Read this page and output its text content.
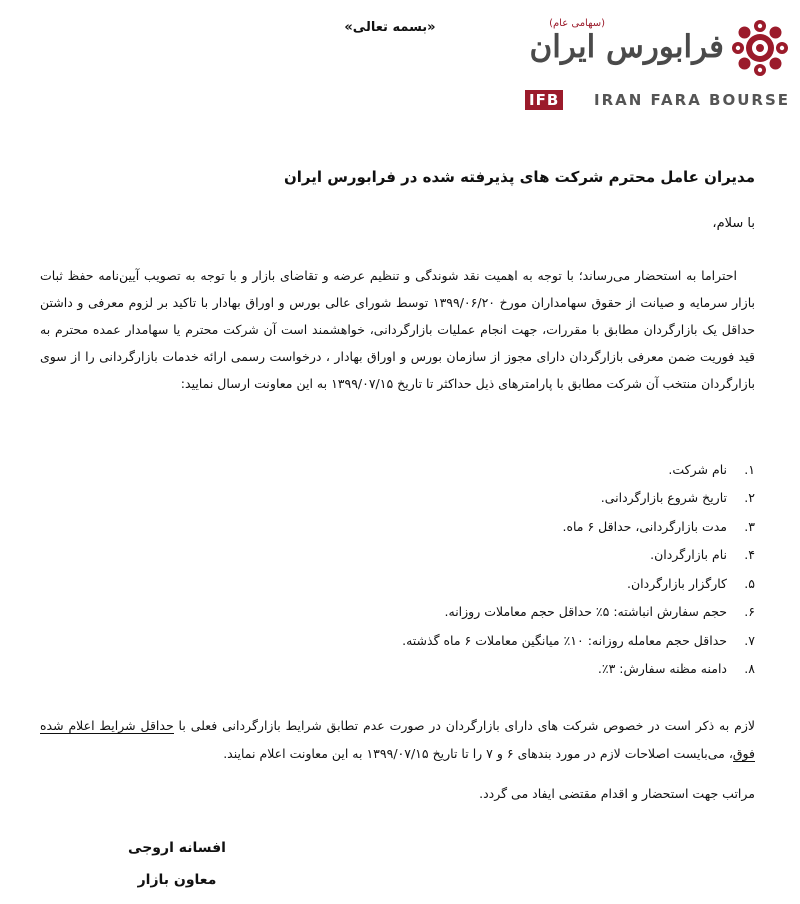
«بسمه تعالی»	(سهامی عام)
فرابورس ایران
IFB IRAN FARA BOURSE
مدیران عامل محترم شرکت های پذیرفته شده در فرابورس ایران
با سلام،
احتراما به استحضار می‌رساند؛ با توجه به اهمیت نقد شوندگی و تنظیم عرضه و تقاضای بازار و با توجه به تصویب آیین‌نامه حفظ ثبات بازار سرمایه و صیانت از حقوق سهامداران مورخ ۱۳۹۹/۰۶/۲۰ توسط شورای عالی بورس و اوراق بهادار با تاکید بر لزوم معرفی و داشتن حداقل یک بازارگردان مطابق با مقررات، جهت انجام عملیات بازارگردانی، خواهشمند است آن شرکت محترم یا سهامدار عمده محترم به قید فوریت ضمن معرفی بازارگردان دارای مجوز از سازمان بورس و اوراق بهادار ، درخواست رسمی ارائه خدمات بازارگردانی را از سوی بازارگردان منتخب آن شرکت مطابق با پارامترهای ذیل حداکثر تا تاریخ ۱۳۹۹/۰۷/۱۵ به این معاونت ارسال نمایید:
۱.
نام شرکت.
۲.
تاریخ شروع بازارگردانی.
۳.
مدت بازارگردانی، حداقل ۶ ماه.
۴.
نام بازارگردان.
۵.
کارگزار بازارگردان.
۶.
حجم سفارش انباشته: ۵٪ حداقل حجم معاملات روزانه.
۷.
حداقل حجم معامله روزانه: ۱۰٪ میانگین معاملات ۶ ماه گذشته.
۸.
دامنه مظنه سفارش: ۳٪.
لازم به ذکر است در خصوص شرکت های دارای بازارگردان در صورت عدم تطابق شرایط بازارگردانی فعلی با حداقل شرایط اعلام شده فوق، می‌بایست اصلاحات لازم در مورد بندهای ۶ و ۷ را تا تاریخ ۱۳۹۹/۰۷/۱۵ به این معاونت اعلام نمایند.
مراتب جهت استحضار و اقدام مقتضی ایفاد می گردد.
افسانه اروجی
معاون بازار
